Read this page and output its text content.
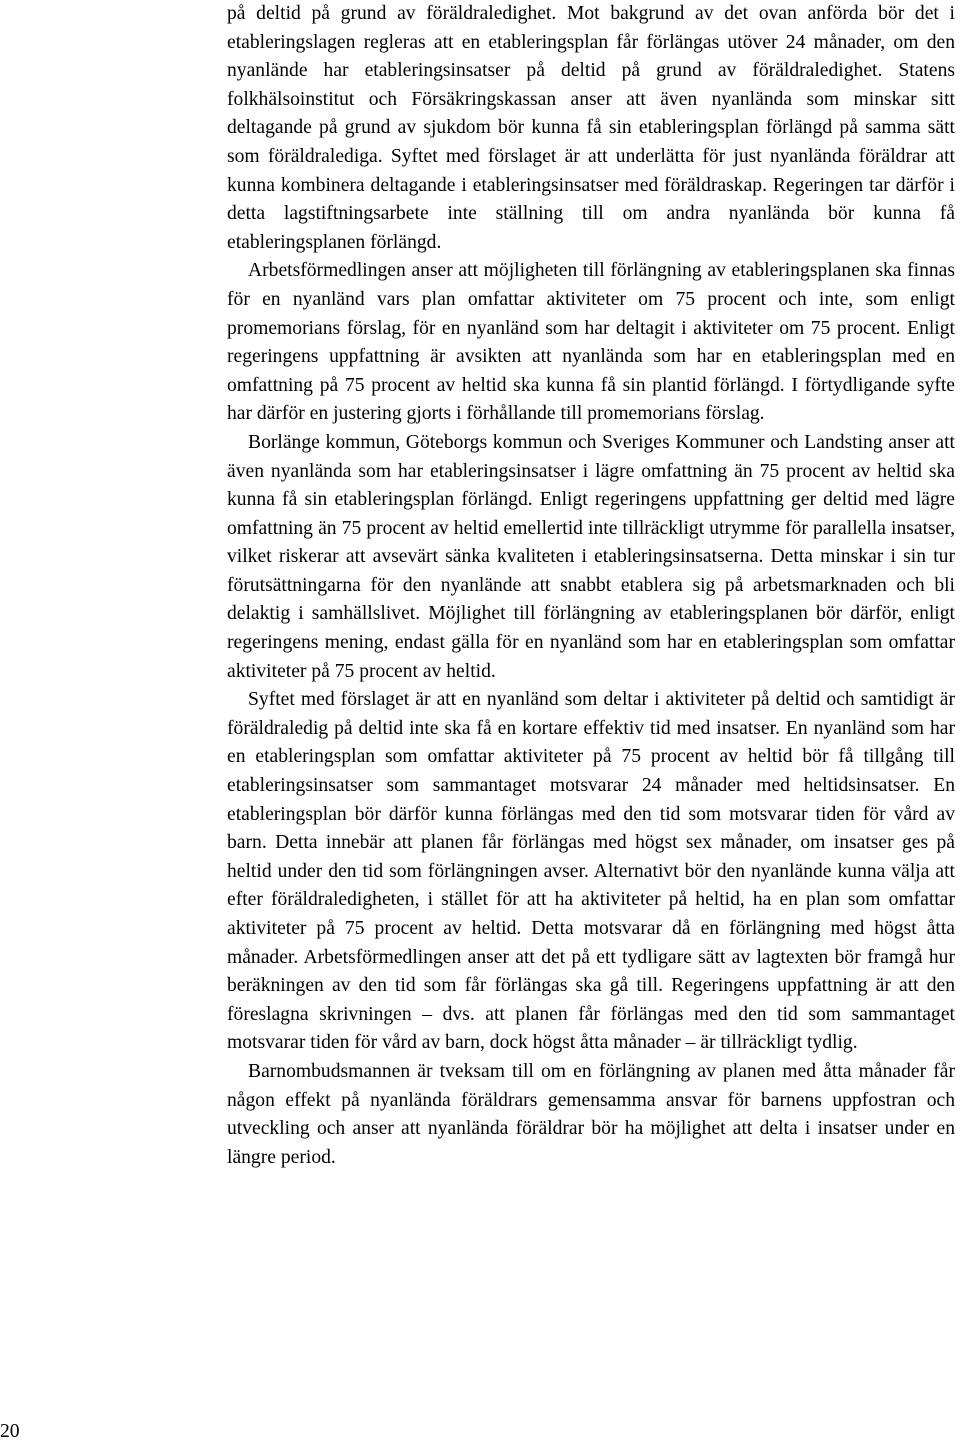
på deltid på grund av föräldraledighet. Mot bakgrund av det ovan anförda bör det i etableringslagen regleras att en etableringsplan får förlängas utöver 24 månader, om den nyanlände har etableringsinsatser på deltid på grund av föräldraledighet. Statens folkhälsoinstitut och Försäkringskassan anser att även nyanlända som minskar sitt deltagande på grund av sjukdom bör kunna få sin etableringsplan förlängd på samma sätt som föräldralediga. Syftet med förslaget är att underlätta för just nyanlända föräldrar att kunna kombinera deltagande i etableringsinsatser med föräldraskap. Regeringen tar därför i detta lagstiftningsarbete inte ställning till om andra nyanlända bör kunna få etableringsplanen förlängd.

Arbetsförmedlingen anser att möjligheten till förlängning av etableringsplanen ska finnas för en nyanländ vars plan omfattar aktiviteter om 75 procent och inte, som enligt promemorians förslag, för en nyanländ som har deltagit i aktiviteter om 75 procent. Enligt regeringens uppfattning är avsikten att nyanlända som har en etableringsplan med en omfattning på 75 procent av heltid ska kunna få sin plantid förlängd. I förtydligande syfte har därför en justering gjorts i förhållande till promemorians förslag.

Borlänge kommun, Göteborgs kommun och Sveriges Kommuner och Landsting anser att även nyanlända som har etableringsinsatser i lägre omfattning än 75 procent av heltid ska kunna få sin etableringsplan förlängd. Enligt regeringens uppfattning ger deltid med lägre omfattning än 75 procent av heltid emellertid inte tillräckligt utrymme för parallella insatser, vilket riskerar att avsevärt sänka kvaliteten i etableringsinsatserna. Detta minskar i sin tur förutsättningarna för den nyanlände att snabbt etablera sig på arbetsmarknaden och bli delaktig i samhällslivet. Möjlighet till förlängning av etableringsplanen bör därför, enligt regeringens mening, endast gälla för en nyanländ som har en etableringsplan som omfattar aktiviteter på 75 procent av heltid.

Syftet med förslaget är att en nyanländ som deltar i aktiviteter på deltid och samtidigt är föräldraledig på deltid inte ska få en kortare effektiv tid med insatser. En nyanländ som har en etableringsplan som omfattar aktiviteter på 75 procent av heltid bör få tillgång till etableringsinsatser som sammantaget motsvarar 24 månader med heltidsinsatser. En etableringsplan bör därför kunna förlängas med den tid som motsvarar tiden för vård av barn. Detta innebär att planen får förlängas med högst sex månader, om insatser ges på heltid under den tid som förlängningen avser. Alternativt bör den nyanlände kunna välja att efter föräldraledigheten, i stället för att ha aktiviteter på heltid, ha en plan som omfattar aktiviteter på 75 procent av heltid. Detta motsvarar då en förlängning med högst åtta månader. Arbetsförmedlingen anser att det på ett tydligare sätt av lagtexten bör framgå hur beräkningen av den tid som får förlängas ska gå till. Regeringens uppfattning är att den föreslagna skrivningen – dvs. att planen får förlängas med den tid som sammantaget motsvarar tiden för vård av barn, dock högst åtta månader – är tillräckligt tydlig.

Barnombudsmannen är tveksam till om en förlängning av planen med åtta månader får någon effekt på nyanlända föräldrars gemensamma ansvar för barnens uppfostran och utveckling och anser att nyanlända föräldrar bör ha möjlighet att delta i insatser under en längre period.

20
